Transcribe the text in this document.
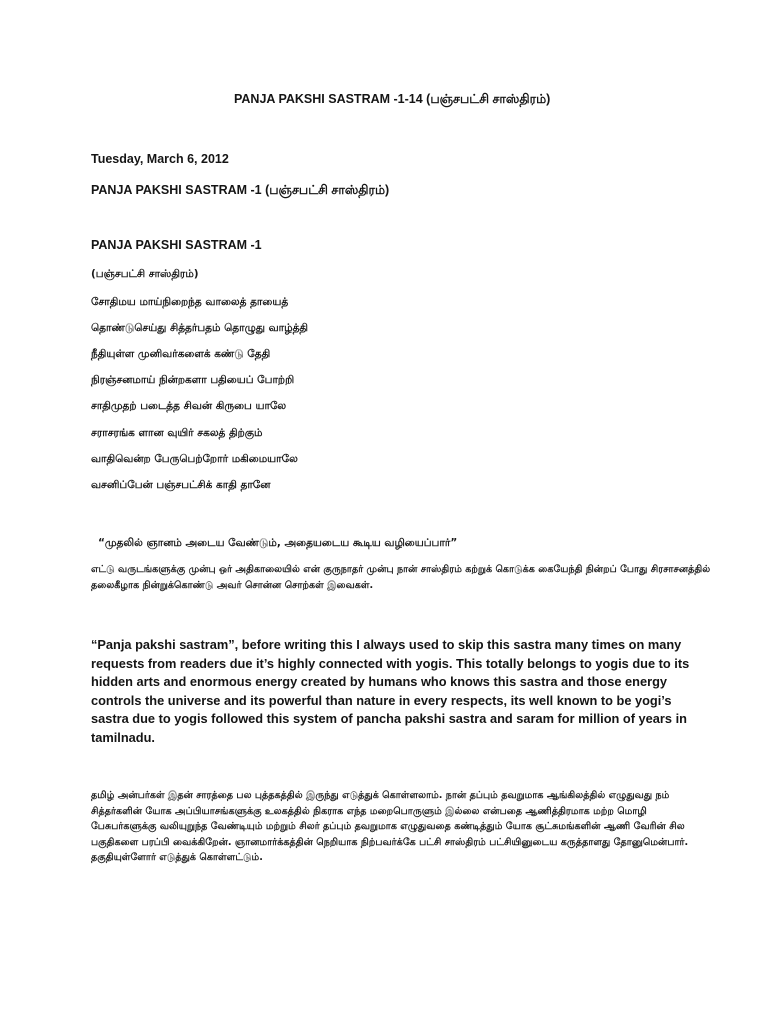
PANJA PAKSHI SASTRAM -1-14 (பஞ்சபட்சி சாஸ்திரம்)

Tuesday, March 6, 2012

PANJA PAKSHI SASTRAM -1 (பஞ்சபட்சி சாஸ்திரம்)

PANJA PAKSHI SASTRAM -1

(பஞ்சபட்சி சாஸ்திரம்)

சோதிமய மாய்நிறைந்த வாலைத் தாயைத்

தொண்டுசெய்து சித்தர்பதம் தொழுது வாழ்த்தி

நீதியுள்ள முனிவர்களைக் கண்டு தேதி

நிரஞ்சனமாய் நின்றகளா பதியைப் போற்றி

சாதிமுதற் படைத்த சிவன் கிருபை யாலே

சராசரங்க ளான வுயிர் சகலத் திற்கும்

வாதிவென்ற பேருபெற்றோர் மகிமையாலே

வசனிப்பேன் பஞ்சபட்சிக் காதி தானே

“முதலில் ஞானம் அடைய வேண்டும், அதையடைய கூடிய வழியைப்பார்”

எட்டு வருடங்களுக்கு முன்பு ஒர் அதிகாலையில் என் குருநாதர் முன்பு நான் சாஸ்திரம் கற்றுக் கொடுக்க கையேந்தி நின்றப் போது சிரசாசனத்தில் தலைகீழாக நின்றுக்கொண்டு அவர் சொன்ன சொற்கள் இவைகள்.

“Panja pakshi sastram”, before writing this I always used to skip this sastra many times on many requests from readers due it’s highly connected with yogis. This totally belongs to yogis due to its hidden arts and enormous energy created by humans who knows this sastra and those energy controls the universe and its powerful than nature in every respects, its well known to be yogi’s sastra due to yogis followed this system of pancha pakshi sastra and saram for million of years in tamilnadu.

தமிழ் அன்பர்கள் இதன் சாரத்தை பல புத்தகத்தில் இருந்து எடுத்துக் கொள்ளலாம். நான் தப்பும் தவறுமாக ஆங்கிலத்தில் எழுதுவது நம் சித்தர்களின் யோக அப்பியாசங்களுக்கு உலகத்தில் நிகராக எந்த மறைபொருளும் இல்லை என்பதை ஆணித்திரமாக மற்ற மொழி பேசுபர்களுக்கு வலியுறுந்த வேண்டியும் மற்றும் சிலர் தப்பும் தவறுமாக எழுதுவதை கண்டித்தும் யோக சூட்சுமங்களின் ஆணி வேரின் சில பகுதிகளை பரப்பி வைக்கிறேன். ஞானமார்க்கத்தின் நெறியாக நிற்பவர்க்கே பட்சி சாஸ்திரம் பட்சியினுடைய கருத்தாளது தோனுமென்பார். தகுதியுள்ளோர் எடுத்துக் கொள்ளட்டும்.
